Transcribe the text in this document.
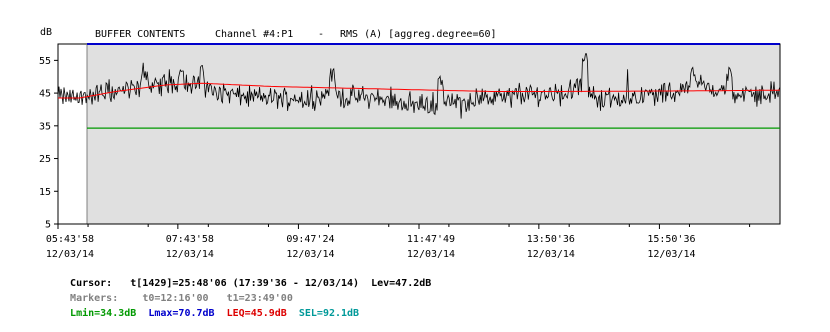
dB	BUFFER CONTENTS	Channel #4:P1 - RMS (A) [aggreg.degree=60]
55
45
35
25
15
5
05:43'58
12/03/14
07:43'58
12/03/14
09:47'24
12/03/14
11:47'49
12/03/14
13:50'36
12/03/14
15:50'36
12/03/14

Cursor: t[1429]=25:48'06 (17:39'36 - 12/03/14) Lev=47.2dB

Markers: t0=12:16'00 t1=23:49'00

Lmin=34.3dB Lmax=70.7dB LEQ=45.9dB SEL=92.1dB
